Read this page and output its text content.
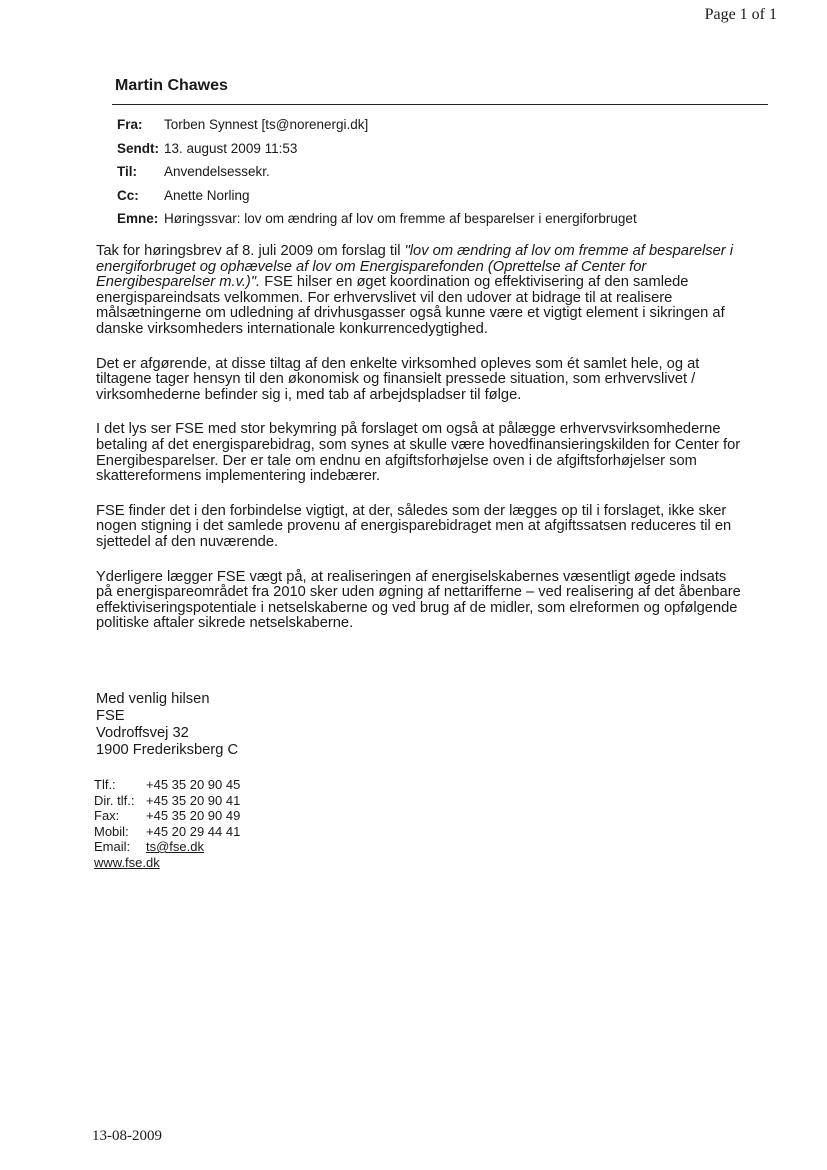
Page 1 of 1
Martin Chawes
Fra:	Torben Synnest [ts@norenergi.dk]
Sendt: 13. august 2009 11:53
Til:	Anvendelsessekr.
Cc:	Anette Norling
Emne: Høringssvar: lov om ændring af lov om fremme af besparelser i energiforbruget

Tak for høringsbrev af 8. juli 2009 om forslag til "lov om ændring af lov om fremme af besparelser i
energiforbruget og ophævelse af lov om Energisparefonden (Oprettelse af Center for
Energibesparelser m.v.)". FSE hilser en øget koordination og effektivisering af den samlede
energispareindsats velkommen. For erhvervslivet vil den udover at bidrage til at realisere
målsætningerne om udledning af drivhusgasser også kunne være et vigtigt element i sikringen af
danske virksomheders internationale konkurrencedygtighed.

Det er afgørende, at disse tiltag af den enkelte virksomhed opleves som ét samlet hele, og at
tiltagene tager hensyn til den økonomisk og finansielt pressede situation, som erhvervslivet /
virksomhederne befinder sig i, med tab af arbejdspladser til følge.

I det lys ser FSE med stor bekymring på forslaget om også at pålægge erhvervsvirksomhederne
betaling af det energisparebidrag, som synes at skulle være hovedfinansieringskilden for Center for
Energibesparelser. Der er tale om endnu en afgiftsforhøjelse oven i de afgiftsforhøjelser som
skattereformens implementering indebærer.

FSE finder det i den forbindelse vigtigt, at der, således som der lægges op til i forslaget, ikke sker
nogen stigning i det samlede provenu af energisparebidraget men at afgiftssatsen reduceres til en
sjettedel af den nuværende.

Yderligere lægger FSE vægt på, at realiseringen af energiselskabernes væsentligt øgede indsats
på energispareområdet fra 2010 sker uden øgning af nettarifferne – ved realisering af det åbenbare
effektiviseringspotentiale i netselskaberne og ved brug af de midler, som elreformen og opfølgende
politiske aftaler sikrede netselskaberne.

Med venlig hilsen
FSE
Vodroffsvej 32
1900 Frederiksberg C
Tlf.:	+45 35 20 90 45
Dir. tlf.: +45 35 20 90 41
Fax:	+45 35 20 90 49
Mobil:	+45 20 29 44 41
Email:	ts@fse.dk
www.fse.dk
13-08-2009
